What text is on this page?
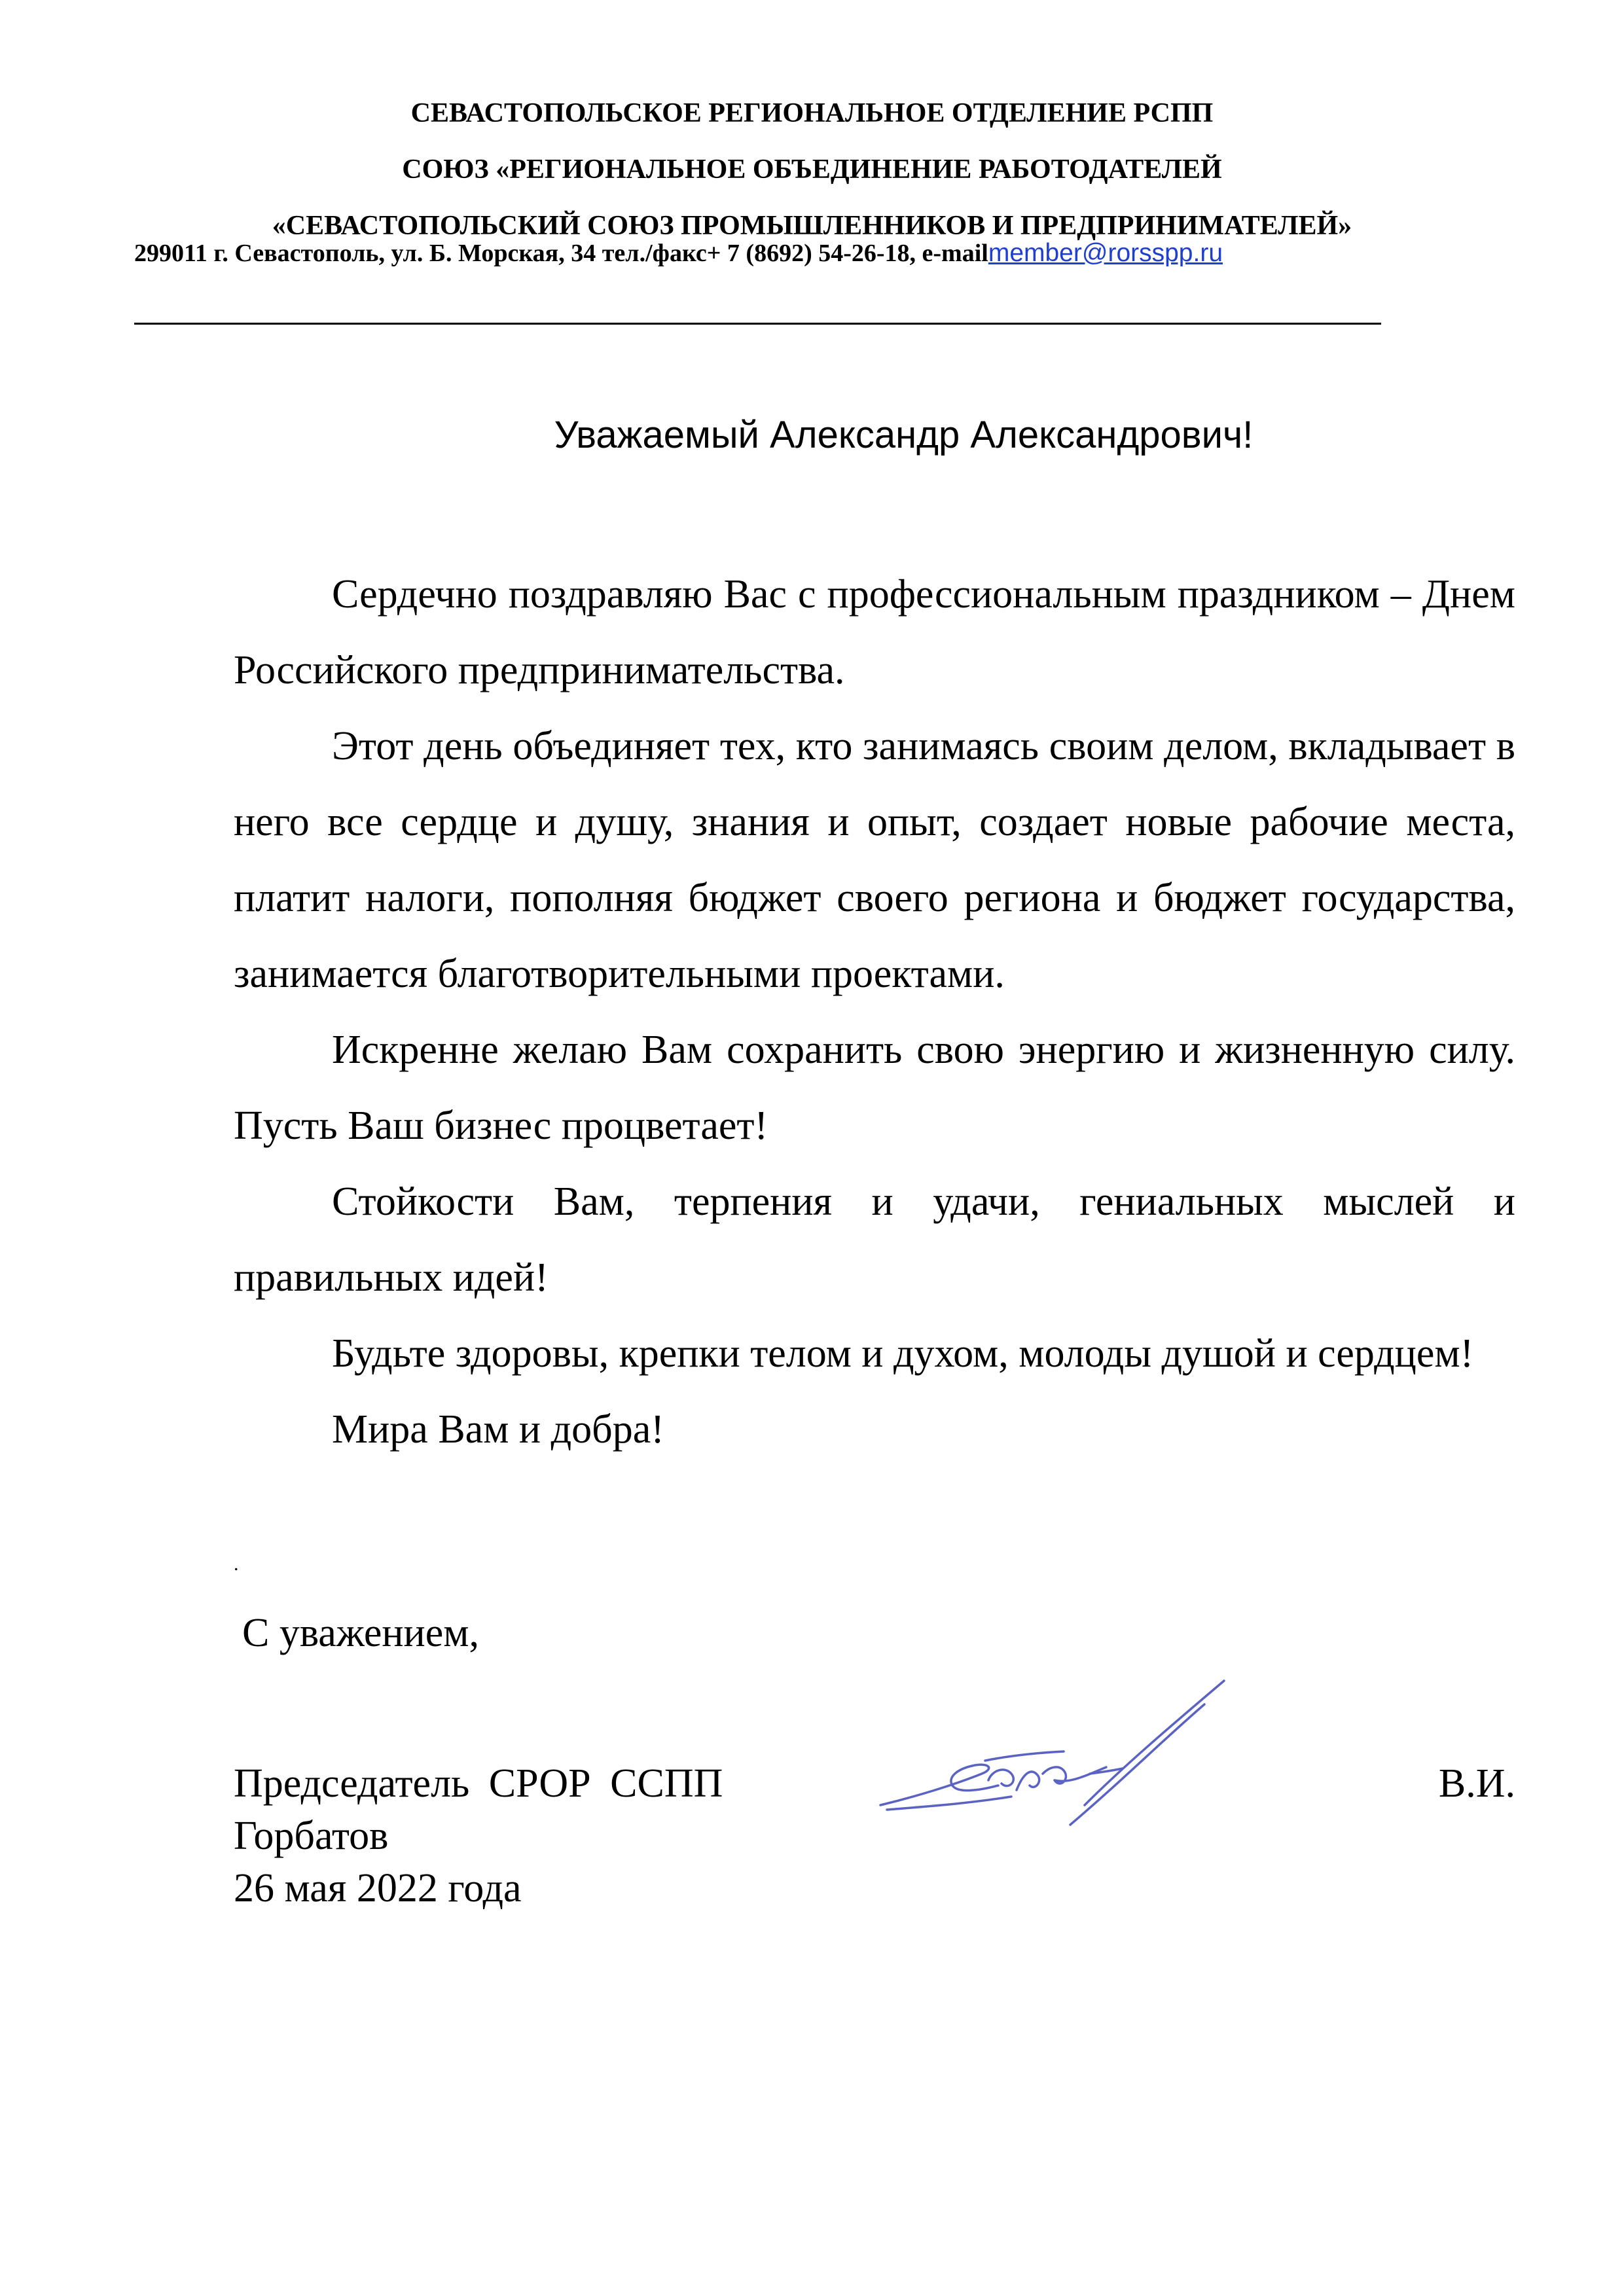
СЕВАСТОПОЛЬСКОЕ РЕГИОНАЛЬНОЕ ОТДЕЛЕНИЕ РСПП
СОЮЗ «РЕГИОНАЛЬНОЕ ОБЪЕДИНЕНИЕ РАБОТОДАТЕЛЕЙ
«СЕВАСТОПОЛЬСКИЙ СОЮЗ ПРОМЫШЛЕННИКОВ И ПРЕДПРИНИМАТЕЛЕЙ»
299011 г. Севастополь, ул. Б. Морская, 34 тел./факс+ 7 (8692) 54-26-18, e-mailmember@rorsspp.ru
Уважаемый Александр Александрович!

Сердечно поздравляю Вас с профессиональным праздником – Днем Российского предпринимательства.

Этот день объединяет тех, кто занимаясь своим делом, вкладывает в него все сердце и душу, знания и опыт, создает новые рабочие места, платит налоги, пополняя бюджет своего региона и бюджет государства, занимается благотворительными проектами.

Искренне желаю Вам сохранить свою энергию и жизненную силу. Пусть Ваш бизнес процветает!

Стойкости Вам, терпения и удачи, гениальных мыслей и правильных идей!

Будьте здоровы, крепки телом и духом, молоды душой и сердцем!

Мира Вам и добра!

.
С уважением,
Председатель СРОР ССПП	В.И.
Горбатов
26 мая 2022 года
